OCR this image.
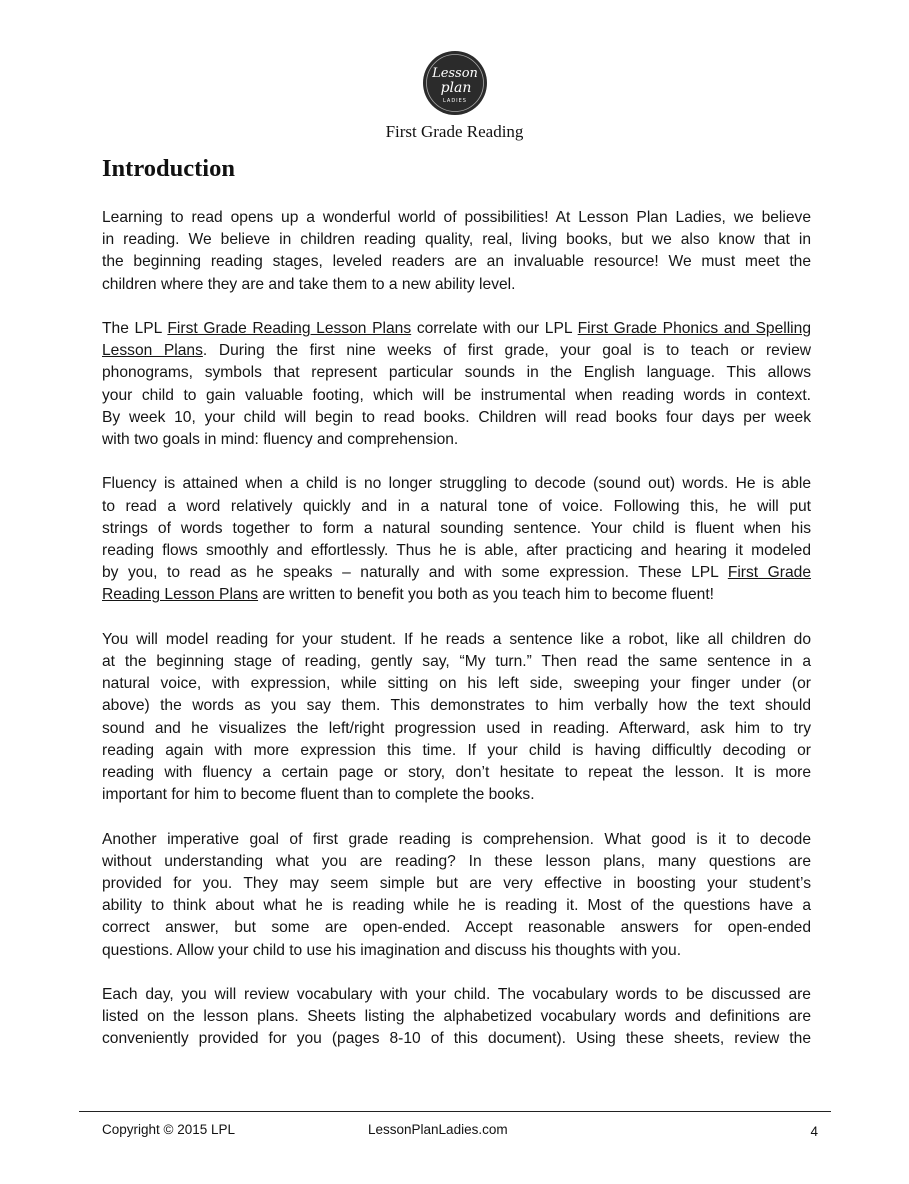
Lesson
plan
LADIES
First Grade Reading
Introduction

Learning to read opens up a wonderful world of possibilities! At Lesson Plan Ladies, we believe
in reading. We believe in children reading quality, real, living books, but we also know that in
the beginning reading stages, leveled readers are an invaluable resource! We must meet the
children where they are and take them to a new ability level.

The LPL First Grade Reading Lesson Plans correlate with our LPL First Grade Phonics and Spelling
Lesson Plans. During the first nine weeks of first grade, your goal is to teach or review
phonograms, symbols that represent particular sounds in the English language. This allows
your child to gain valuable footing, which will be instrumental when reading words in context.
By week 10, your child will begin to read books. Children will read books four days per week
with two goals in mind: fluency and comprehension.

Fluency is attained when a child is no longer struggling to decode (sound out) words. He is able
to read a word relatively quickly and in a natural tone of voice. Following this, he will put
strings of words together to form a natural sounding sentence. Your child is fluent when his
reading flows smoothly and effortlessly. Thus he is able, after practicing and hearing it modeled
by you, to read as he speaks – naturally and with some expression. These LPL First Grade
Reading Lesson Plans are written to benefit you both as you teach him to become fluent!

You will model reading for your student. If he reads a sentence like a robot, like all children do
at the beginning stage of reading, gently say, “My turn.” Then read the same sentence in a
natural voice, with expression, while sitting on his left side, sweeping your finger under (or
above) the words as you say them. This demonstrates to him verbally how the text should
sound and he visualizes the left/right progression used in reading. Afterward, ask him to try
reading again with more expression this time. If your child is having difficultly decoding or
reading with fluency a certain page or story, don’t hesitate to repeat the lesson. It is more
important for him to become fluent than to complete the books.

Another imperative goal of first grade reading is comprehension. What good is it to decode
without understanding what you are reading? In these lesson plans, many questions are
provided for you. They may seem simple but are very effective in boosting your student’s
ability to think about what he is reading while he is reading it. Most of the questions have a
correct answer, but some are open-ended. Accept reasonable answers for open-ended
questions. Allow your child to use his imagination and discuss his thoughts with you.

Each day, you will review vocabulary with your child. The vocabulary words to be discussed are
listed on the lesson plans. Sheets listing the alphabetized vocabulary words and definitions are
conveniently provided for you (pages 8-10 of this document). Using these sheets, review the

Copyright © 2015 LPL	LessonPlanLadies.com	4
